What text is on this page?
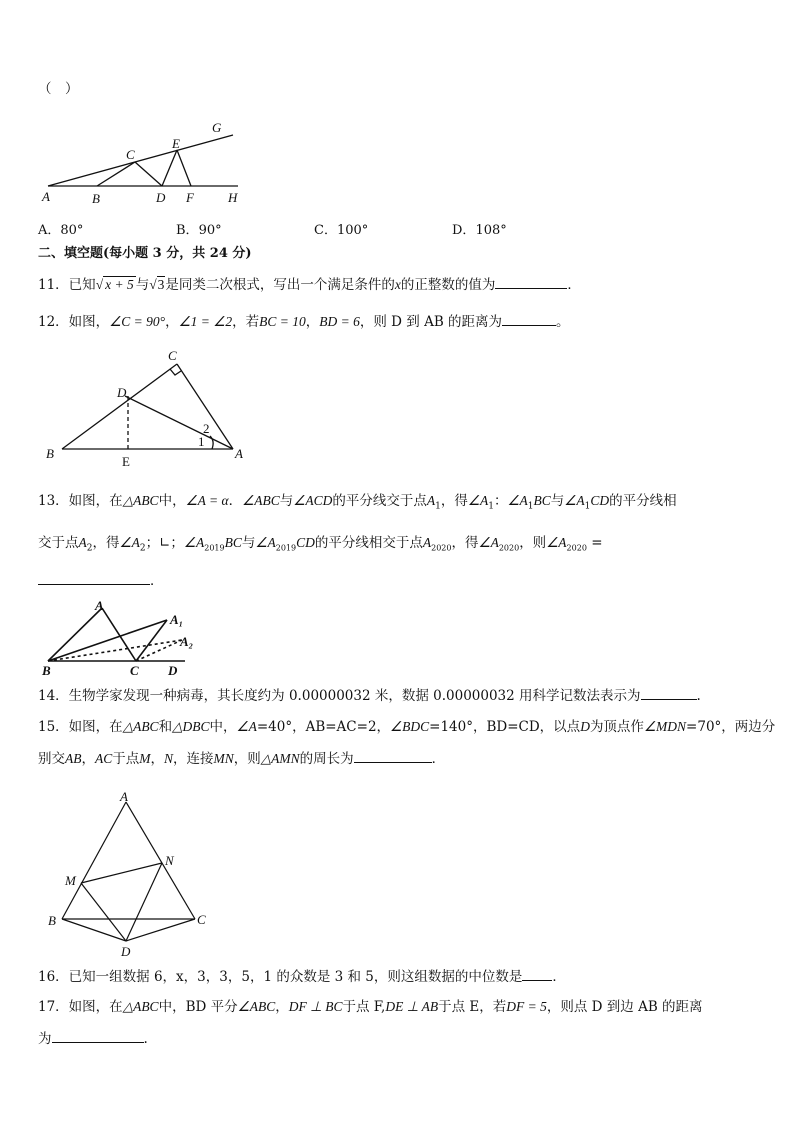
（　）
A	B
C
D
E
F
G
H
A．80°	B．90°	C．100°	D．108°
二、填空题(每小题 3 分，共 24 分)
11．已知√ x + 5 与√3是同类二次根式，写出一个满足条件的x的正整数的值为	．
12．如图，∠C = 90°，∠1 = ∠2，若BC = 10，BD = 6，则 D 到 AB 的距离为	。
B
C
D
E
A
1
2
13．如图，在△ABC中，∠A = α．∠ABC与∠ACD的平分线交于点$A_1$，得$\angle A_1$：$\angle A_1BC$与$\angle A_1CD$的平分线相
交于点$A_2$，得$\angle A_2$；∟；$\angle A_{2019}BC$与$\angle A_{2019}CD$的平分线相交于点$A_{2020}$，得$\angle A_{2020}$，则$\angle A_{2020}$ =
．
A
A₁
A₂
B	C D
14．生物学家发现一种病毒，其长度约为 0.00000032 米，数据 0.00000032 用科学记数法表示为	.
15．如图，在△ABC和△DBC中，∠A=40°，AB=AC=2，∠BDC=140°，BD=CD，以点D为顶点作∠MDN=70°，两边分
别交AB，AC于点M，N，连接MN，则△AMN的周长为	．
A
N
M
B	C
D
16．已知一组数据 6，x，3，3，5，1 的众数是 3 和 5，则这组数据的中位数是 ．
17．如图，在△ABC中，BD 平分∠ABC，DF ⊥ BC于点 F,DE ⊥ AB于点 E，若DF = 5，则点 D 到边 AB 的距离
为	.
